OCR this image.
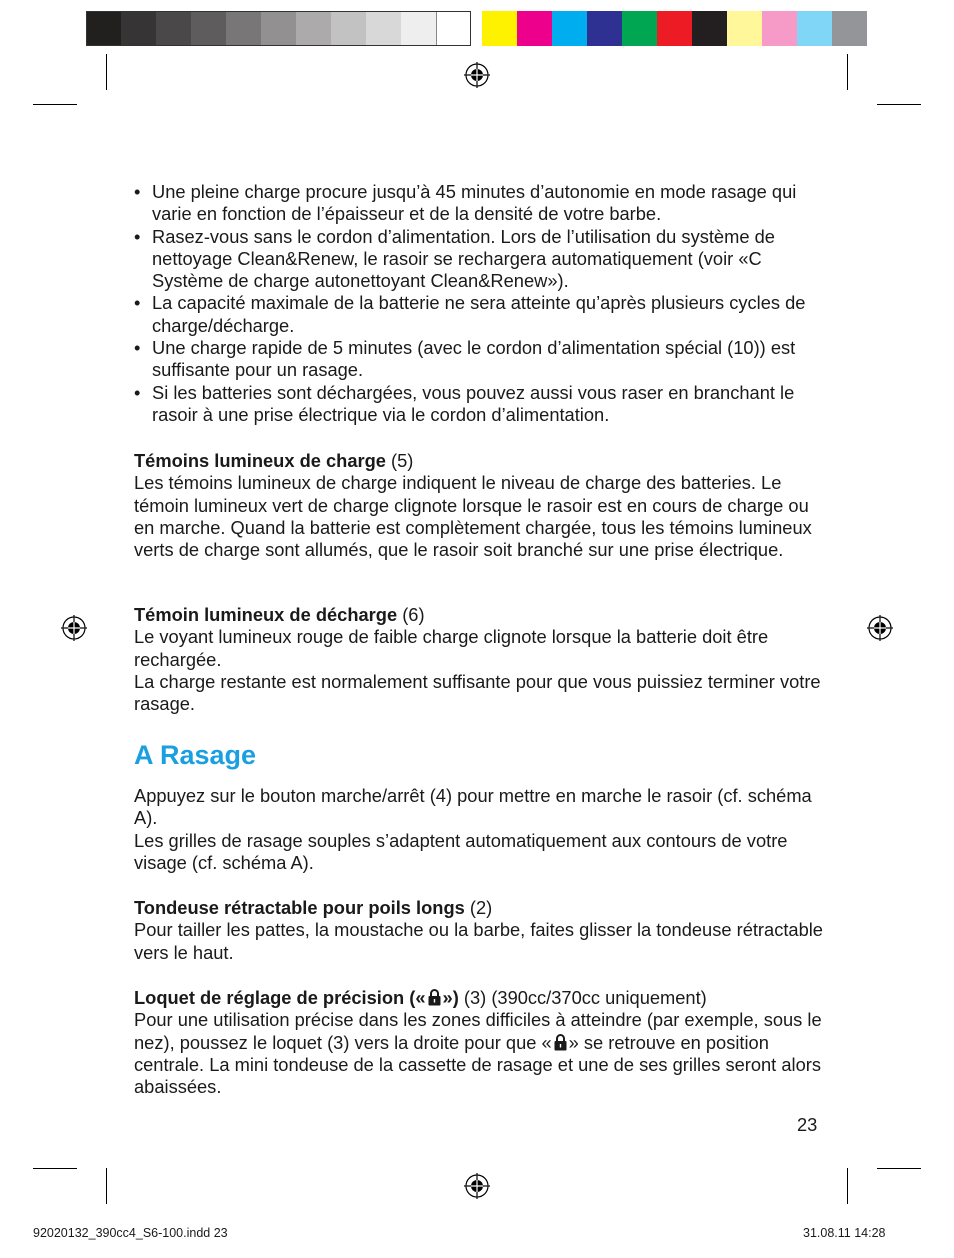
• Une pleine charge procure jusqu’à 45 minutes d’autonomie en mode rasage qui varie en fonction de l’épaisseur et de la densité de votre barbe.
• Rasez-vous sans le cordon d’alimentation. Lors de l’utilisation du système de nettoyage Clean&Renew, le rasoir se rechargera automatiquement (voir «C Système de charge autonettoyant Clean&Renew»).
• La capacité maximale de la batterie ne sera atteinte qu’après plusieurs cycles de charge/décharge.
• Une charge rapide de 5 minutes (avec le cordon d’alimentation spécial (10)) est suffisante pour un rasage.
• Si les batteries sont déchargées, vous pouvez aussi vous raser en branchant le rasoir à une prise électrique via le cordon d’alimentation.
Témoins lumineux de charge (5)
Les témoins lumineux de charge indiquent le niveau de charge des batteries. Le témoin lumineux vert de charge clignote lorsque le rasoir est en cours de charge ou en marche. Quand la batterie est complètement chargée, tous les témoins lumineux verts de charge sont allumés, que le rasoir soit branché sur une prise électrique.
Témoin lumineux de décharge (6)
Le voyant lumineux rouge de faible charge clignote lorsque la batterie doit être rechargée.
La charge restante est normalement suffisante pour que vous puissiez terminer votre rasage.
A Rasage
Appuyez sur le bouton marche/arrêt (4) pour mettre en marche le rasoir (cf. schéma A).
Les grilles de rasage souples s’adaptent automatiquement aux contours de votre visage (cf. schéma A).
Tondeuse rétractable pour poils longs (2)
Pour tailler les pattes, la moustache ou la barbe, faites glisser la tondeuse rétractable vers le haut.
Loquet de réglage de précision (« ») (3) (390cc/370cc uniquement)
Pour une utilisation précise dans les zones difficiles à atteindre (par exemple, sous le nez), poussez le loquet (3) vers la droite pour que « » se retrouve en position centrale. La mini tondeuse de la cassette de rasage et une de ses grilles seront alors abaissées.
23
92020132_390cc4_S6-100.indd 23	31.08.11 14:28
